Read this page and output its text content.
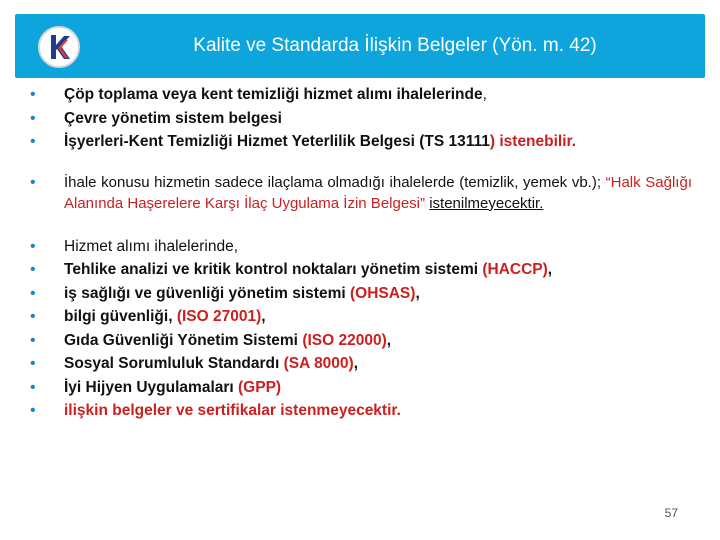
Kalite ve Standarda İlişkin Belgeler (Yön. m. 42)
• Çöp toplama veya kent temizliği hizmet alımı ihalelerinde,
• Çevre yönetim sistem belgesi
• İşyerleri-Kent Temizliği Hizmet Yeterlilik Belgesi (TS 13111) istenebilir.
• İhale konusu hizmetin sadece ilaçlama olmadığı ihalelerde (temizlik, yemek vb.); “Halk Sağlığı Alanında Haşerelere Karşı İlaç Uygulama İzin Belgesi” istenilmeyecektir.
• Hizmet alımı ihalelerinde,
• Tehlike analizi ve kritik kontrol noktaları yönetim sistemi (HACCP),
• iş sağlığı ve güvenliği yönetim sistemi (OHSAS),
• bilgi güvenliği, (ISO 27001),
• Gıda Güvenliği Yönetim Sistemi (ISO 22000),
• Sosyal Sorumluluk Standardı (SA 8000),
• İyi Hijyen Uygulamaları (GPP)
• ilişkin belgeler ve sertifikalar istenmeyecektir.
57
